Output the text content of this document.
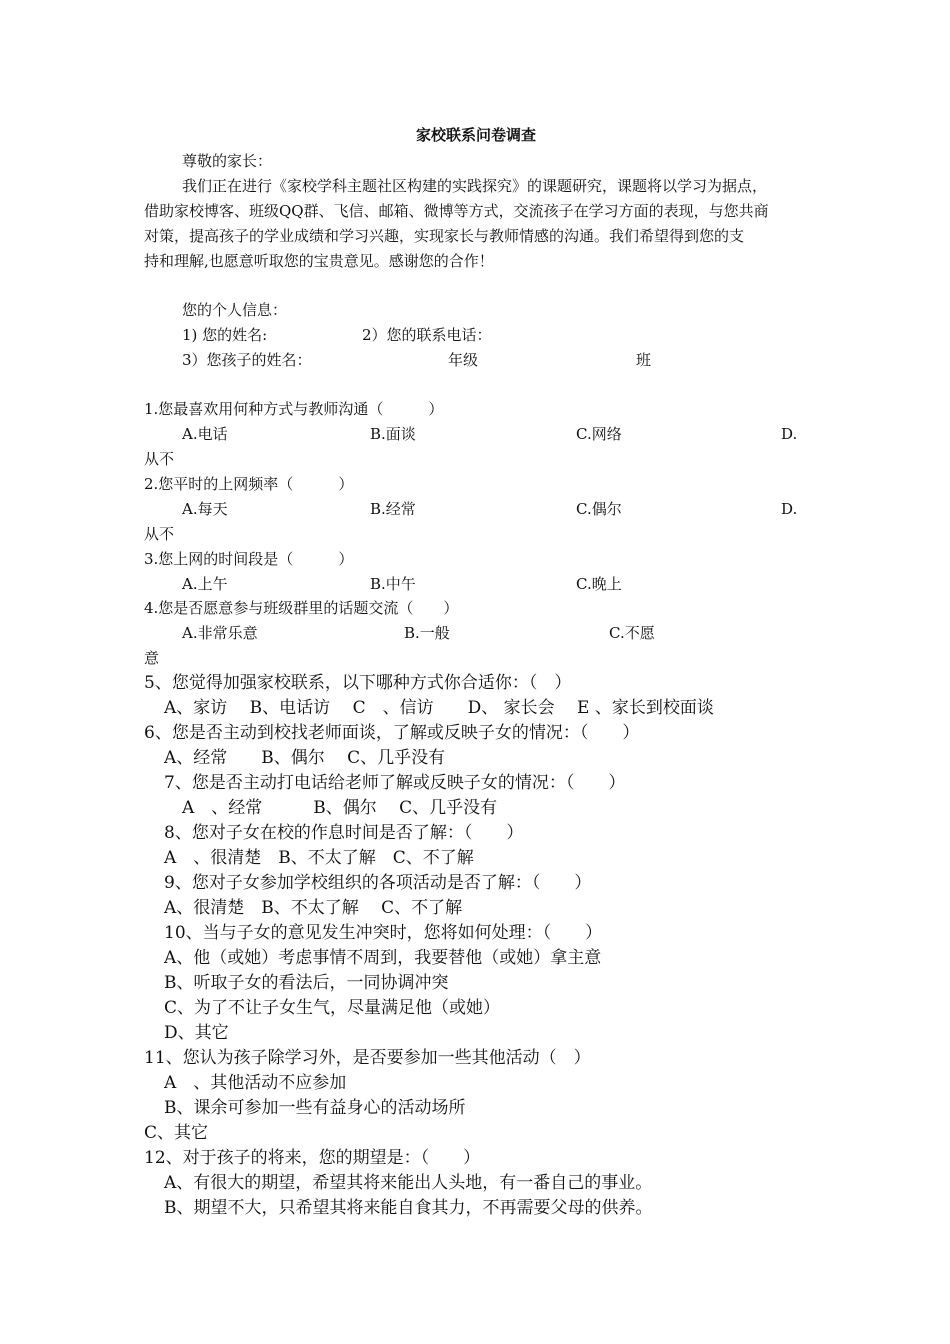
家校联系问卷调查
尊敬的家长：
我们正在进行《家校学科主题社区构建的实践探究》的课题研究，课题将以学习为据点，
借助家校博客、班级QQ群、飞信、邮箱、微博等方式，交流孩子在学习方面的表现，与您共商
对策，提高孩子的学业成绩和学习兴趣，实现家长与教师情感的沟通。我们希望得到您的支
持和理解,也愿意听取您的宝贵意见。感谢您的合作！
您的个人信息：
1) 您的姓名:	2）您的联系电话：
3）您孩子的姓名：	年级	班
1.您最喜欢用何种方式与教师沟通（　　　）
A.电话	B.面谈	C.网络	D.
从不
2.您平时的上网频率（　　　）
A.每天	B.经常	C.偶尔	D.
从不
3.您上网的时间段是（　　　）
A.上午	B.中午	C.晚上
4.您是否愿意参与班级群里的话题交流（　　）
A.非常乐意	B.一般	C.不愿
意
5、您觉得加强家校联系，以下哪种方式你合适你：（　）
A、家访　 B、电话访　 C　、信访　　D、 家长会　 E 、家长到校面谈
6、您是否主动到校找老师面谈，了解或反映子女的情况：（　　）
A、经常　　B、偶尔　 C、几乎没有
7、您是否主动打电话给老师了解或反映子女的情况：（　　）
A　、经常　　　B、偶尔　 C、几乎没有
8、您对子女在校的作息时间是否了解：（　　）
A　、很清楚　B、不太了解　C、不了解
9、您对子女参加学校组织的各项活动是否了解：（　　）
A、很清楚　B、不太了解　 C、不了解
10、当与子女的意见发生冲突时，您将如何处理：（　　）
A、他（或她）考虑事情不周到，我要替他（或她）拿主意
B、听取子女的看法后，一同协调冲突
C、为了不让子女生气，尽量满足他（或她）
D、其它
11、您认为孩子除学习外，是否要参加一些其他活动（　）
A　、其他活动不应参加
B、课余可参加一些有益身心的活动场所
C、其它
12、对于孩子的将来，您的期望是：（　　）
A、有很大的期望，希望其将来能出人头地，有一番自己的事业。
B、期望不大，只希望其将来能自食其力，不再需要父母的供养。
